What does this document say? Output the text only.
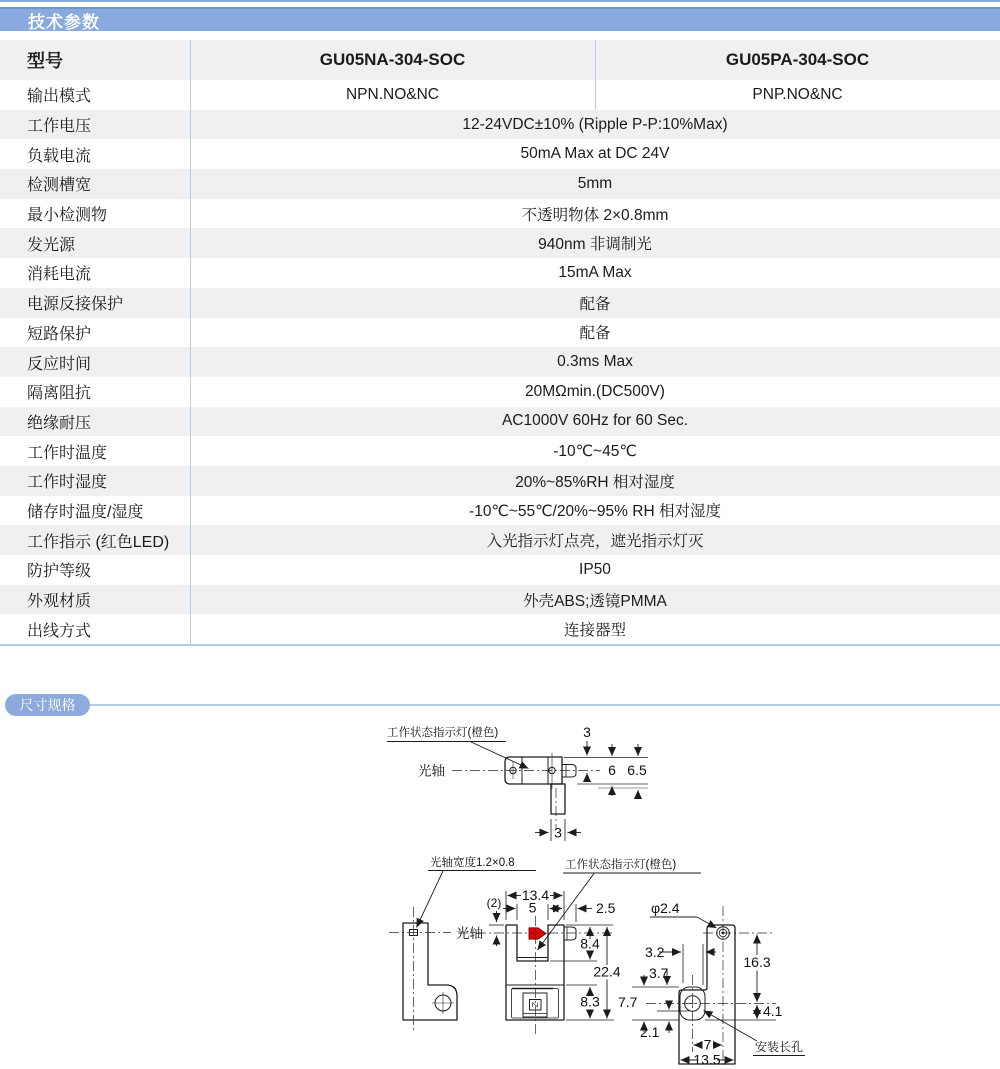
技术参数
型号	GU05NA-304-SOC	GU05PA-304-SOC
输出模式	NPN.NO&NC	PNP.NO&NC
工作电压	12-24VDC±10% (Ripple P-P:10%Max)
负载电流	50mA Max at DC 24V
检测槽宽	5mm
最小检测物	不透明物体 2×0.8mm
发光源	940nm 非调制光
消耗电流	15mA Max
电源反接保护	配备
短路保护	配备
反应时间	0.3ms Max
隔离阻抗	20MΩmin.(DC500V)
绝缘耐压	AC1000V 60Hz for 60 Sec.
工作时温度	-10℃~45℃
工作时湿度	20%~85%RH 相对湿度
储存时温度/湿度	-10℃~55℃/20%~95% RH 相对湿度
工作指示 (红色LED)	入光指示灯点亮，遮光指示灯灭
防护等级	IP50
外观材质	外壳ABS;透镜PMMA
出线方式	连接器型
尺寸规格
工作状态指示灯(橙色)
光轴
3
6 6.5
3
光轴宽度1.2×0.8	工作状态指示灯(橙色)
光轴
13.4
5
(2)	2.5
8.4
22.4
8.3
φ2.4
安装长孔
3.2
3.7
7.7
2.1
16.3
4.1
7
13.5
